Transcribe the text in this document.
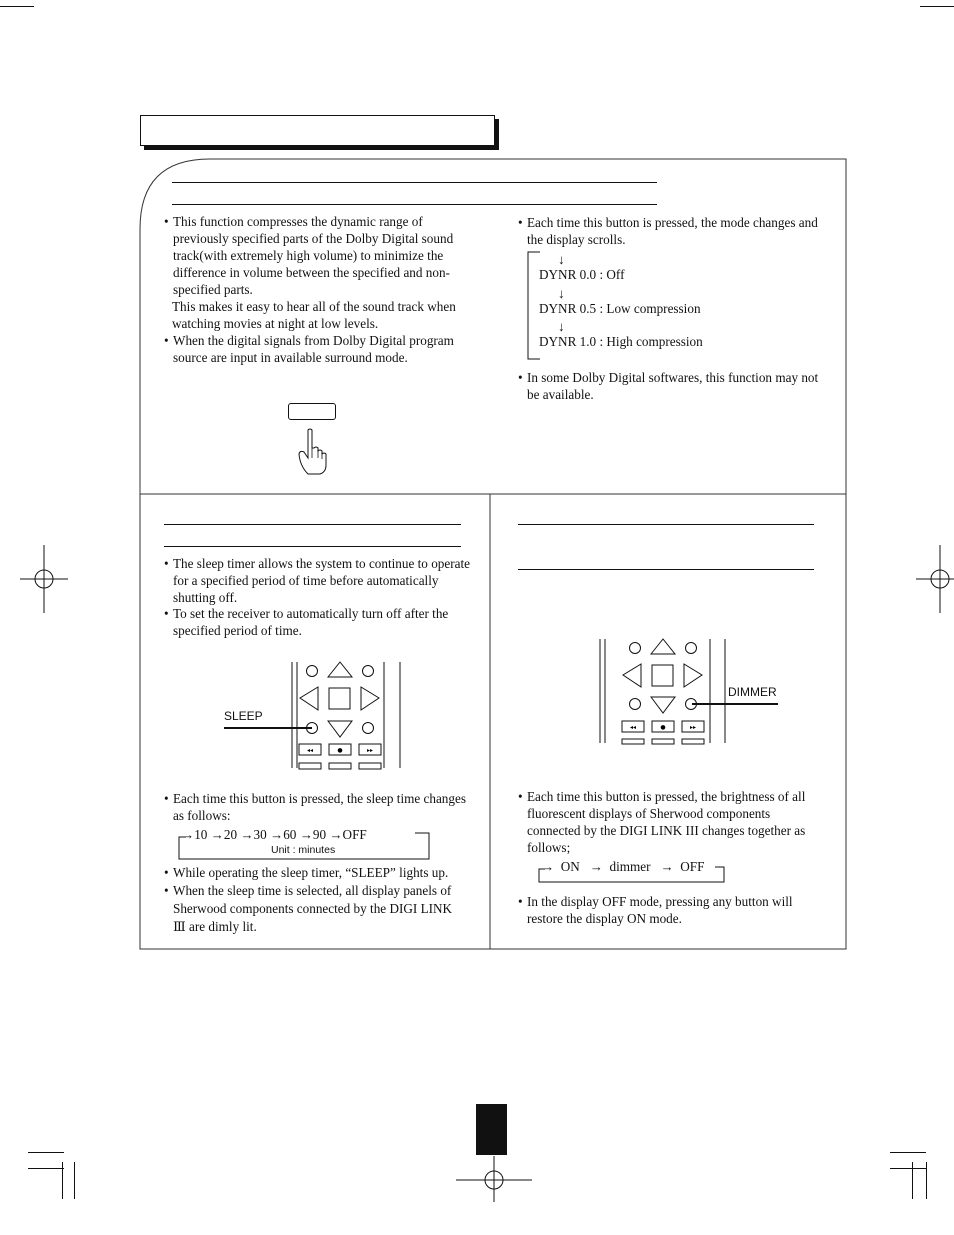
• This function compresses the dynamic range of previously specified parts of the Dolby Digital sound track(with extremely high volume) to minimize the difference in volume between the specified and non-specified parts.
This makes it easy to hear all of the sound track when
watching movies at night at low levels.
• When the digital signals from Dolby Digital program source are input in available surround mode.
• Each time this button is pressed, the mode changes and the display scrolls.
↓
DYNR 0.0 : Off
↓
DYNR 0.5 : Low compression
↓
DYNR 1.0 : High compression
• In some Dolby Digital softwares, this function may not be available.
• The sleep timer allows the system to continue to operate for a specified period of time before automatically shutting off.
• To set the receiver to automatically turn off after the specified period of time.
◂◂	●	▸▸
SLEEP
• Each time this button is pressed, the sleep time changes as follows:
→10 →20 →30 →60 →90 →OFF
Unit : minutes
• While operating the sleep timer, “SLEEP” lights up.
• When the sleep time is selected, all display panels of Sherwood components connected by the DIGI LINK Ⅲ are dimly lit.
◂◂	●	▸▸
DIMMER
• Each time this button is pressed, the brightness of all fluorescent displays of Sherwood components connected by the DIGI LINK III changes together as follows;
→ ON → dimmer → OFF
• In the display OFF mode, pressing any button will restore the display ON mode.
